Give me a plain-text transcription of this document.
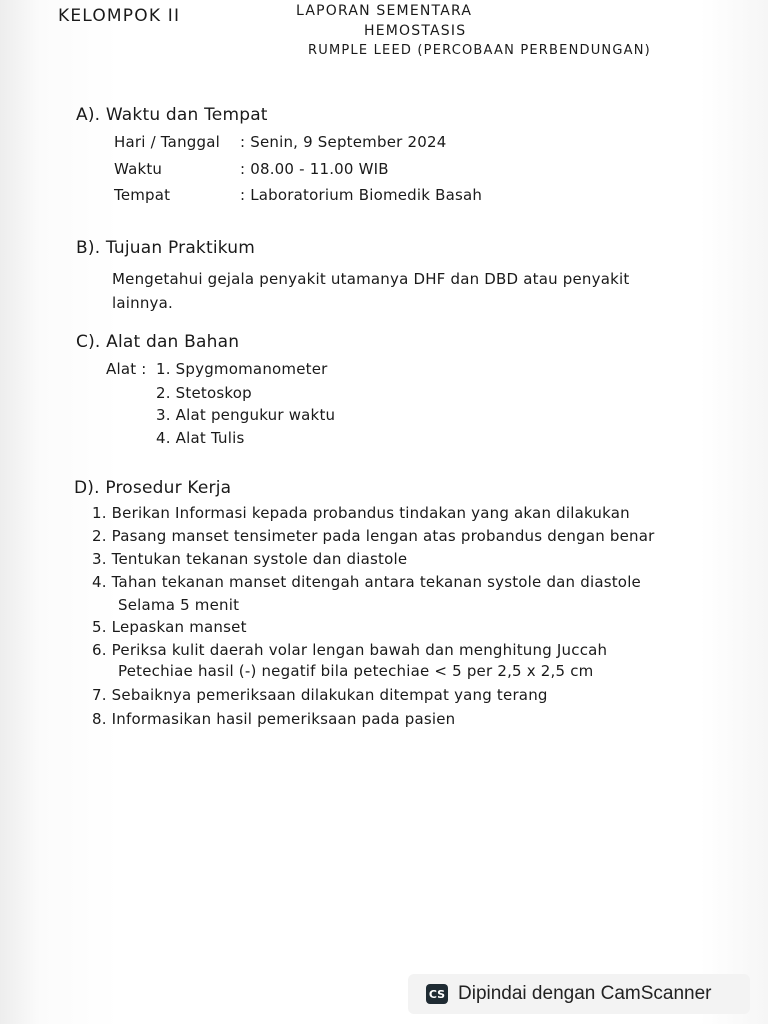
KELOMPOK II	LAPORAN SEMENTARA
HEMOSTASIS
RUMPLE LEED (PERCOBAAN PERBENDUNGAN)
A). Waktu dan Tempat
Hari / Tanggal : Senin, 9 September 2024
Waktu	: 08.00 - 11.00 WIB
Tempat	: Laboratorium Biomedik Basah
B). Tujuan Praktikum
Mengetahui gejala penyakit utamanya DHF dan DBD atau penyakit
lainnya.
C). Alat dan Bahan
Alat : 1. Spygmomanometer
2. Stetoskop
3. Alat pengukur waktu
4. Alat Tulis
D). Prosedur Kerja
1. Berikan Informasi kepada probandus tindakan yang akan dilakukan
2. Pasang manset tensimeter pada lengan atas probandus dengan benar
3. Tentukan tekanan systole dan diastole
4. Tahan tekanan manset ditengah antara tekanan systole dan diastole
Selama 5 menit
5. Lepaskan manset
6. Periksa kulit daerah volar lengan bawah dan menghitung Juccah
Petechiae hasil (-) negatif bila petechiae < 5 per 2,5 x 2,5 cm
7. Sebaiknya pemeriksaan dilakukan ditempat yang terang
8. Informasikan hasil pemeriksaan pada pasien
CS Dipindai dengan CamScanner
